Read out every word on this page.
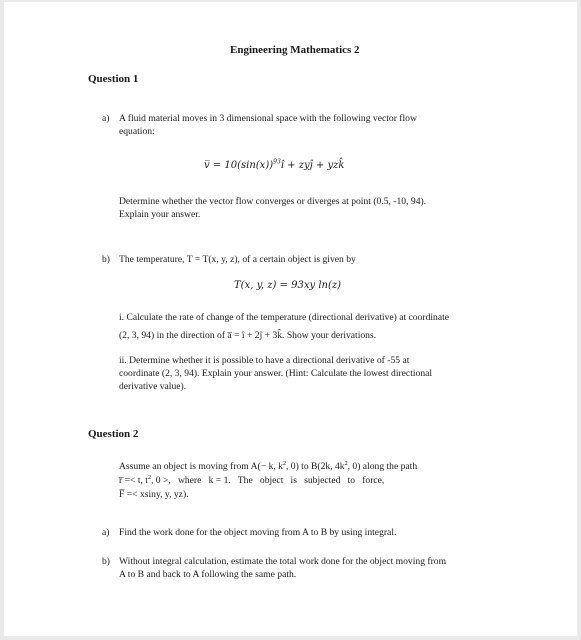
Engineering Mathematics 2
Question 1
a) A fluid material moves in 3 dimensional space with the following vector flow
equation:
v̅ = $10(\sin(x))^{93}î$ + zyĵ + yzk̂
Determine whether the vector flow converges or diverges at point (0.5, -10, 94).
Explain your answer.
b) The temperature, T = T(x, y, z), of a certain object is given by
T(x, y, z) = 93xy ln(z)
i. Calculate the rate of change of the temperature (directional derivative) at coordinate
(2, 3, 94) in the direction of a̅ = î + 2ĵ + 3k̂. Show your derivations.
ii. Determine whether it is possible to have a directional derivative of -55 at
coordinate (2, 3, 94). Explain your answer. (Hint: Calculate the lowest directional
derivative value).
Question 2
Assume an object is moving from A(− k, $k^2$, 0) to B(2k, $4k^2$, 0) along the path
r̅ =< t, $t^2$, 0 >,   where   k = 1.   The   object   is   subjected   to   force,
F̅ =< xsiny, y, yz).
a) Find the work done for the object moving from A to B by using integral.
b) Without integral calculation, estimate the total work done for the object moving from
A to B and back to A following the same path.
